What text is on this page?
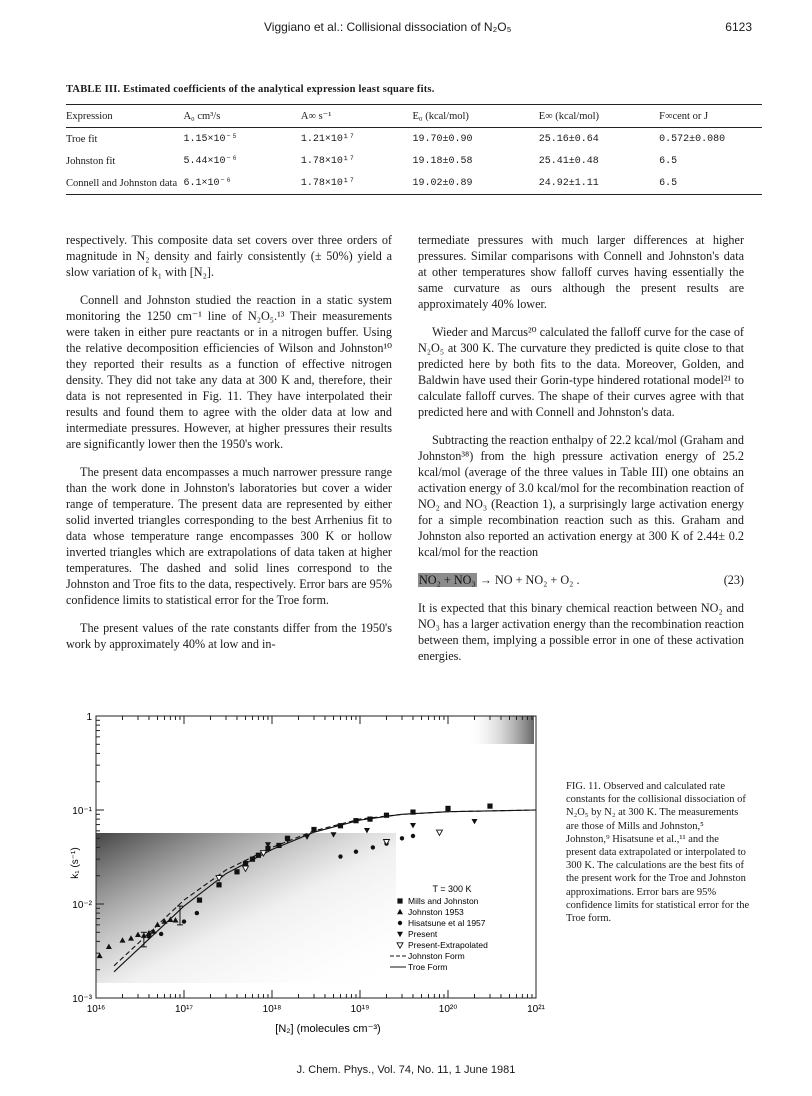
Viggiano et al.: Collisional dissociation of N₂O₅	6123
TABLE III. Estimated coefficients of the analytical expression least square fits.
Expression	A₀ cm³/s	A∞ s⁻¹	E₀ (kcal/mol)	E∞ (kcal/mol)	F∞cent or J
Troe fit	1.15×10⁻⁵	1.21×10¹⁷	19.70±0.90	25.16±0.64	0.572±0.080
Johnston fit	5.44×10⁻⁶	1.78×10¹⁷	19.18±0.58	25.41±0.48	6.5
Connell and Johnston data	6.1×10⁻⁶	1.78×10¹⁷	19.02±0.89	24.92±1.11	6.5

respectively. This composite data set covers over three orders of magnitude in N₂ density and fairly consistently (± 50%) yield a slow variation of k₁ with [N₂].

Connell and Johnston studied the reaction in a static system monitoring the 1250 cm⁻¹ line of N₂O₅.¹³ Their measurements were taken in either pure reactants or in a nitrogen buffer. Using the relative decomposition efficiencies of Wilson and Johnston¹⁰ they reported their results as a function of effective nitrogen density. They did not take any data at 300 K and, therefore, their data is not represented in Fig. 11. They have interpolated their results and found them to agree with the older data at low and intermediate pressures. However, at higher pressures their results are significantly lower then the 1950's work.

The present data encompasses a much narrower pressure range than the work done in Johnston's laboratories but cover a wider range of temperature. The present data are represented by either solid inverted triangles corresponding to the best Arrhenius fit to data whose temperature range encompasses 300 K or hollow inverted triangles which are extrapolations of data taken at higher temperatures. The dashed and solid lines correspond to the Johnston and Troe fits to the data, respectively. Error bars are 95% confidence limits to statistical error for the Troe form.

The present values of the rate constants differ from the 1950's work by approximately 40% at low and in-

termediate pressures with much larger differences at higher pressures. Similar comparisons with Connell and Johnston's data at other temperatures show falloff curves having essentially the same curvature as ours although the present results are approximately 40% lower.

Wieder and Marcus²⁰ calculated the falloff curve for the case of N₂O₅ at 300 K. The curvature they predicted is quite close to that predicted here by both fits to the data. Moreover, Golden, and Baldwin have used their Gorin-type hindered rotational model²¹ to calculate falloff curves. The shape of their curves agree with that predicted here and with Connell and Johnston's data.

Subtracting the reaction enthalpy of 22.2 kcal/mol (Graham and Johnston³⁸) from the high pressure activation energy of 25.2 kcal/mol (average of the three values in Table III) one obtains an activation energy of 3.0 kcal/mol for the recombination reaction of NO₂ and NO₃ (Reaction 1), a surprisingly large activation energy for a simple recombination reaction such as this. Graham and Johnston also reported an activation energy at 300 K of 2.44± 0.2 kcal/mol for the reaction

NO₂ + NO₃ → NO + NO₂ + O₂ .	(23)

It is expected that this binary chemical reaction between NO₂ and NO₃ has a larger activation energy than the recombination reaction between them, implying a possible error in one of these activation energies.

10¹⁶	10¹⁷	10¹⁸	10¹⁹	10²⁰	10²¹
10⁻³
10⁻²
10⁻¹
1
T = 300 K
Mills and Johnston
Johnston 1953
Hisatsune et al 1957
Present
Present-Extrapolated
Johnston Form
Troe Form
k₁ (s⁻¹)
[N₂] (molecules cm⁻³)
FIG. 11. Observed and calculated rate constants for the collisional dissociation of N₂O₅ by N₂ at 300 K. The measurements are those of Mills and Johnston,⁵ Johnston,⁹ Hisatsune et al.,¹¹ and the present data extrapolated or interpolated to 300 K. The calculations are the best fits of the present work for the Troe and Johnston approximations. Error bars are 95% confidence limits for statistical error for the Troe form.
J. Chem. Phys., Vol. 74, No. 11, 1 June 1981
